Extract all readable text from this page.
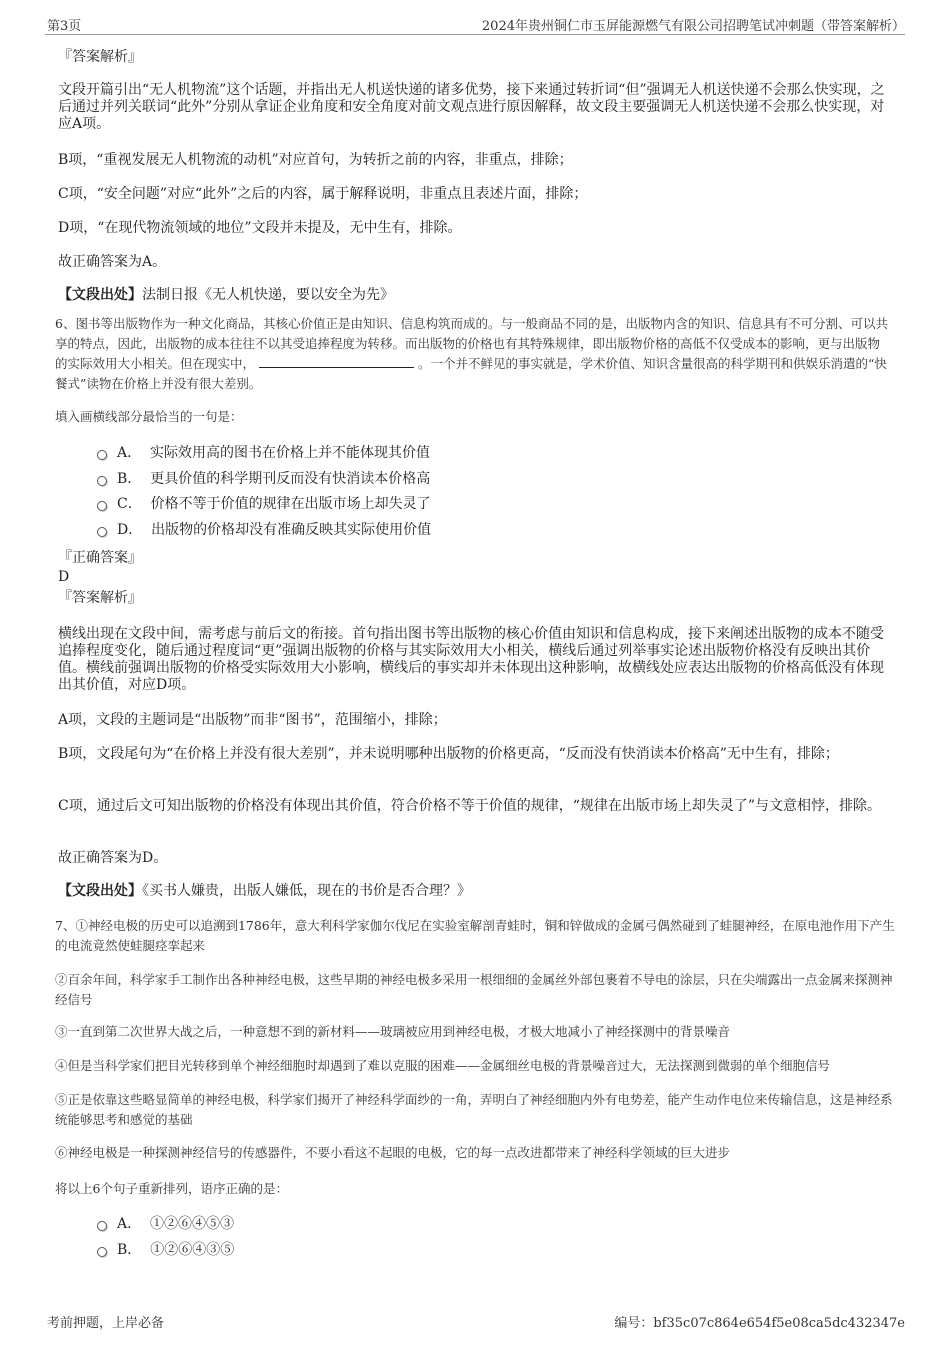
第3页	2024年贵州铜仁市玉屏能源燃气有限公司招聘笔试冲刺题（带答案解析）

『答案解析』

文段开篇引出“无人机物流”这个话题，并指出无人机送快递的诸多优势，接下来通过转折词“但”强调无人机送快递不会那么快实现，之后通过并列关联词“此外”分别从拿证企业角度和安全角度对前文观点进行原因解释，故文段主要强调无人机送快递不会那么快实现，对应A项。

B项，“重视发展无人机物流的动机”对应首句，为转折之前的内容，非重点，排除；

C项，“安全问题”对应“此外”之后的内容，属于解释说明，非重点且表述片面，排除；

D项，“在现代物流领域的地位”文段并未提及，无中生有，排除。

故正确答案为A。

【文段出处】法制日报《无人机快递，要以安全为先》

6、图书等出版物作为一种文化商品，其核心价值正是由知识、信息构筑而成的。与一般商品不同的是，出版物内含的知识、信息具有不可分割、可以共享的特点，因此，出版物的成本往往不以其受追捧程度为转移。而出版物的价格也有其特殊规律，即出版物价格的高低不仅受成本的影响，更与出版物的实际效用大小相关。但在现实中，	。一个并不鲜见的事实就是，学术价值、知识含量很高的科学期刊和供娱乐消遣的“快餐式”读物在价格上并没有很大差别。

填入画横线部分最恰当的一句是：

A． 实际效用高的图书在价格上并不能体现其价值
B． 更具价值的科学期刊反而没有快消读本价格高
C． 价格不等于价值的规律在出版市场上却失灵了
D． 出版物的价格却没有准确反映其实际使用价值

『正确答案』

D

『答案解析』

横线出现在文段中间，需考虑与前后文的衔接。首句指出图书等出版物的核心价值由知识和信息构成，接下来阐述出版物的成本不随受追捧程度变化，随后通过程度词“更”强调出版物的价格与其实际效用大小相关，横线后通过列举事实论述出版物价格没有反映出其价值。横线前强调出版物的价格受实际效用大小影响，横线后的事实却并未体现出这种影响，故横线处应表达出版物的价格高低没有体现出其价值，对应D项。

A项，文段的主题词是“出版物”而非“图书”，范围缩小，排除；

B项，文段尾句为“在价格上并没有很大差别”，并未说明哪种出版物的价格更高，“反而没有快消读本价格高”无中生有，排除；

C项，通过后文可知出版物的价格没有体现出其价值，符合价格不等于价值的规律，“规律在出版市场上却失灵了”与文意相悖，排除。

故正确答案为D。

【文段出处】《买书人嫌贵，出版人嫌低，现在的书价是否合理？》

7、①神经电极的历史可以追溯到1786年，意大利科学家伽尔伐尼在实验室解剖青蛙时，铜和锌做成的金属弓偶然碰到了蛙腿神经，在原电池作用下产生的电流竟然使蛙腿痉挛起来

②百余年间，科学家手工制作出各种神经电极，这些早期的神经电极多采用一根细细的金属丝外部包裹着不导电的涂层，只在尖端露出一点金属来探测神经信号

③一直到第二次世界大战之后，一种意想不到的新材料——玻璃被应用到神经电极，才极大地减小了神经探测中的背景噪音

④但是当科学家们把目光转移到单个神经细胞时却遇到了难以克服的困难——金属细丝电极的背景噪音过大，无法探测到微弱的单个细胞信号

⑤正是依靠这些略显简单的神经电极，科学家们揭开了神经科学面纱的一角，弄明白了神经细胞内外有电势差，能产生动作电位来传输信息，这是神经系统能够思考和感觉的基础

⑥神经电极是一种探测神经信号的传感器件，不要小看这不起眼的电极，它的每一点改进都带来了神经科学领域的巨大进步

将以上6个句子重新排列，语序正确的是：

A． ①②⑥④⑤③
B． ①②⑥④③⑤
考前押题，上岸必备	编号：bf35c07c864e654f5e08ca5dc432347e
